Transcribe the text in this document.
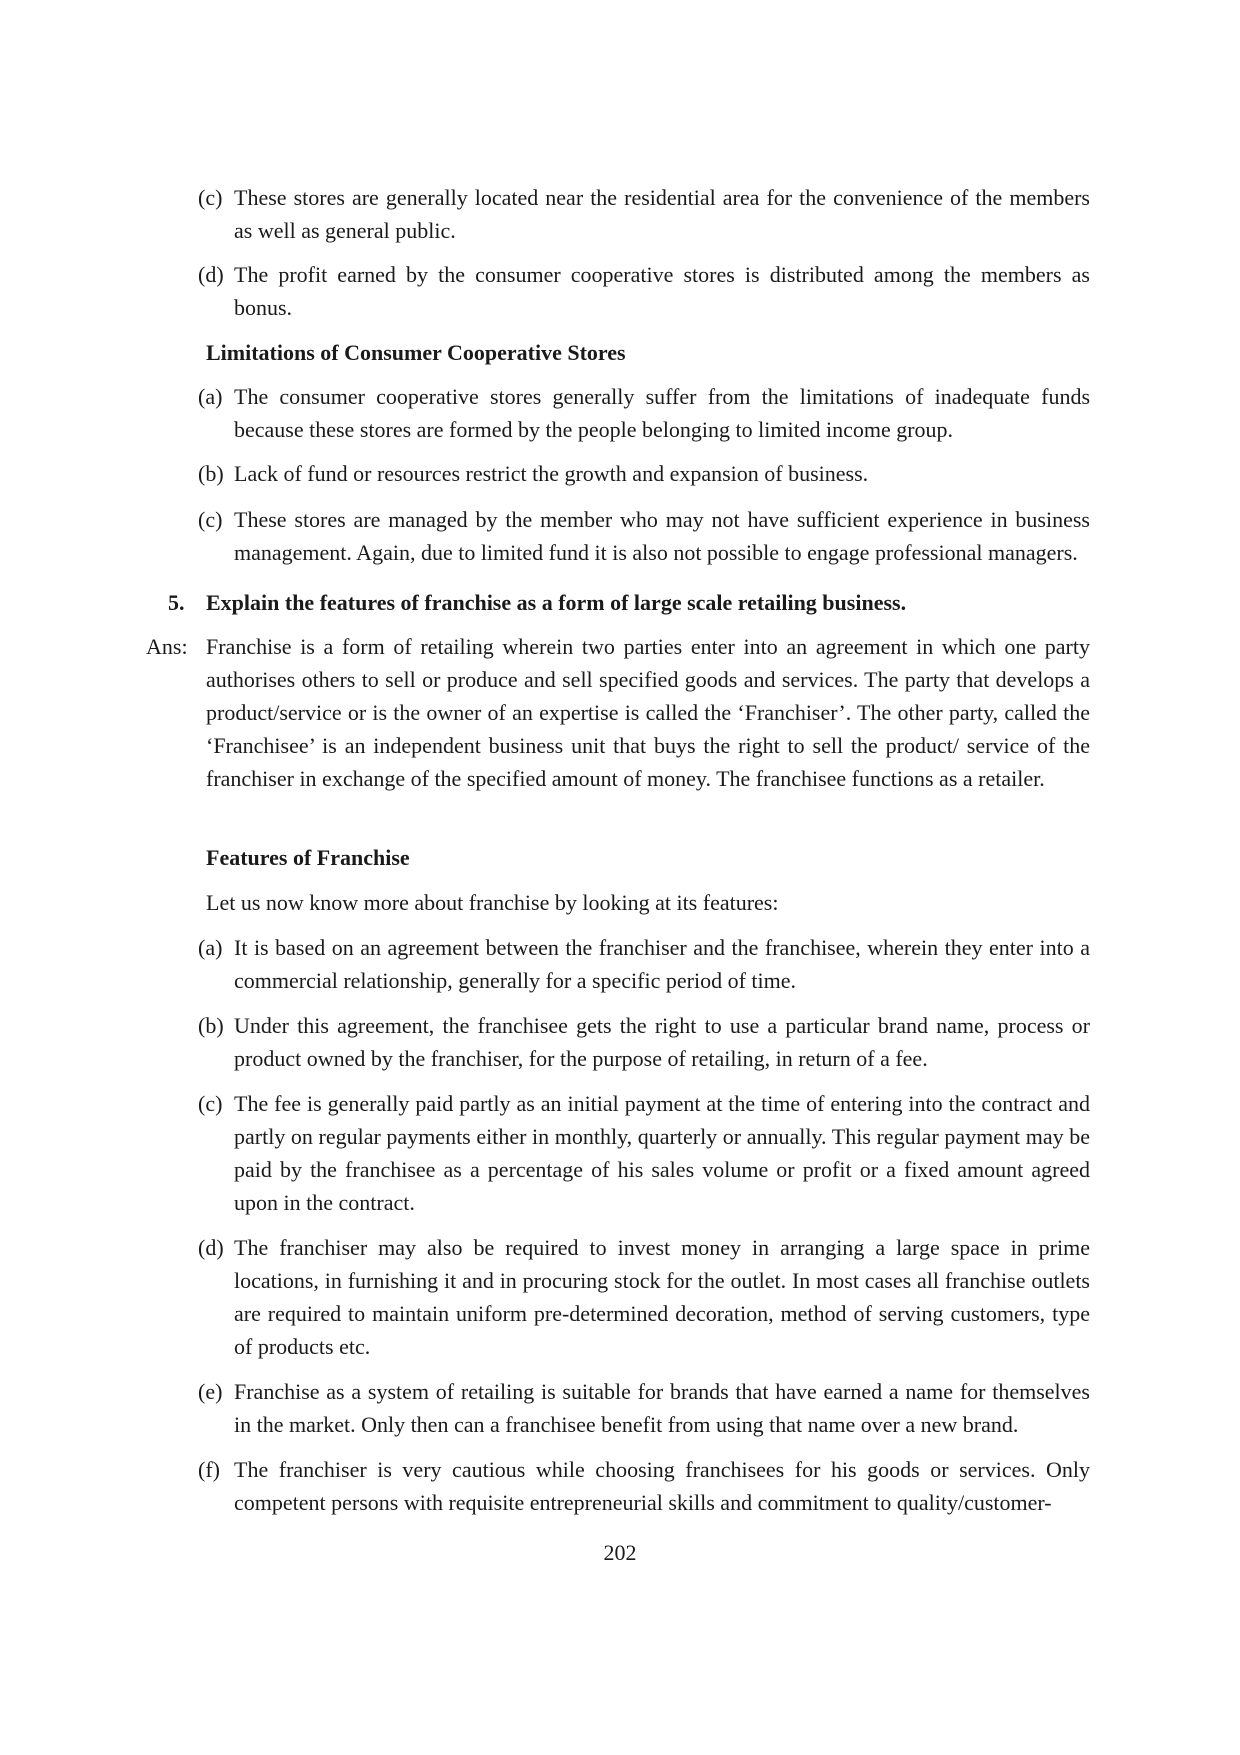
(c) These stores are generally located near the residential area for the convenience of the members as well as general public.
(d) The profit earned by the consumer cooperative stores is distributed among the members as bonus.
Limitations of Consumer Cooperative Stores
(a) The consumer cooperative stores generally suffer from the limitations of inadequate funds because these stores are formed by the people belonging to limited income group.
(b) Lack of fund or resources restrict the growth and expansion of business.
(c) These stores are managed by the member who may not have sufficient experience in business management. Again, due to limited fund it is also not possible to engage professional managers.
5. Explain the features of franchise as a form of large scale retailing business.
Ans: Franchise is a form of retailing wherein two parties enter into an agreement in which one party authorises others to sell or produce and sell specified goods and services. The party that develops a product/service or is the owner of an expertise is called the ‘Franchiser’. The other party, called the ‘Franchisee’ is an independent business unit that buys the right to sell the product/ service of the franchiser in exchange of the specified amount of money. The franchisee functions as a retailer.
Features of Franchise
Let us now know more about franchise by looking at its features:
(a) It is based on an agreement between the franchiser and the franchisee, wherein they enter into a commercial relationship, generally for a specific period of time.
(b) Under this agreement, the franchisee gets the right to use a particular brand name, process or product owned by the franchiser, for the purpose of retailing, in return of a fee.
(c) The fee is generally paid partly as an initial payment at the time of entering into the contract and partly on regular payments either in monthly, quarterly or annually. This regular payment may be paid by the franchisee as a percentage of his sales volume or profit or a fixed amount agreed upon in the contract.
(d) The franchiser may also be required to invest money in arranging a large space in prime locations, in furnishing it and in procuring stock for the outlet. In most cases all franchise outlets are required to maintain uniform pre-determined decoration, method of serving customers, type of products etc.
(e) Franchise as a system of retailing is suitable for brands that have earned a name for themselves in the market. Only then can a franchisee benefit from using that name over a new brand.
(f) The franchiser is very cautious while choosing franchisees for his goods or services. Only competent persons with requisite entrepreneurial skills and commitment to quality/customer-
202
